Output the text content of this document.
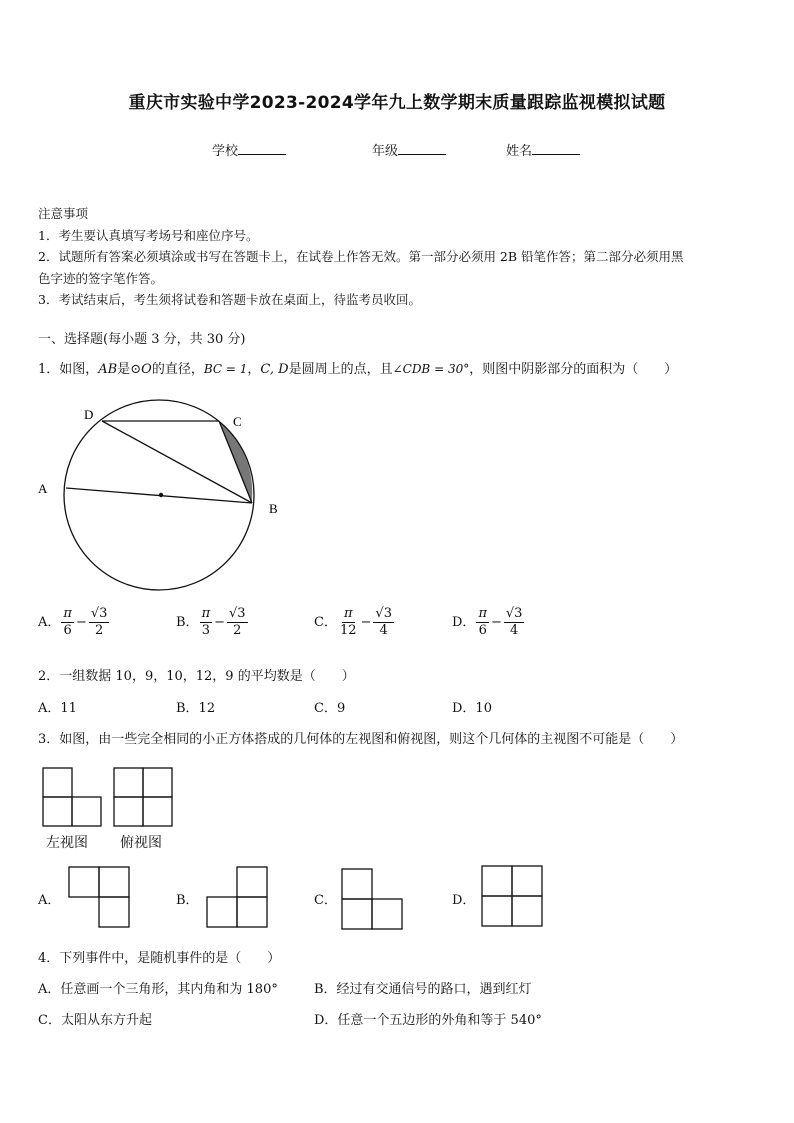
重庆市实验中学2023-2024学年九上数学期末质量跟踪监视模拟试题
学校	年级	姓名
注意事项
1．考生要认真填写考场号和座位序号。
2．试题所有答案必须填涂或书写在答题卡上，在试卷上作答无效。第一部分必须用 2B 铅笔作答；第二部分必须用黑
色字迹的签字笔作答。
3．考试结束后，考生须将试卷和答题卡放在桌面上，待监考员收回。
一、选择题(每小题 3 分，共 30 分)
1．如图，AB是⊙O的直径，BC = 1，C, D是圆周上的点，且∠CDB = 30°，则图中阴影部分的面积为（　　）
D	C
A
B
A． $\frac{\pi}{6} - \frac{√3}{2}$	B． $\frac{\pi}{3} - \frac{√3}{2}$	C． $\frac{\pi}{12} - \frac{√3}{4}$	D． $\frac{\pi}{6} - \frac{√3}{4}$
2．一组数据 10，9，10，12，9 的平均数是（　　）
A．11	B．12	C．9	D．10
3．如图，由一些完全相同的小正方体搭成的几何体的左视图和俯视图，则这个几何体的主视图不可能是（　　）
左视图 俯视图
A．	B．	C．	D．
4．下列事件中，是随机事件的是（　　）
A．任意画一个三角形，其内角和为 180°	B．经过有交通信号的路口，遇到红灯
C．太阳从东方升起	D．任意一个五边形的外角和等于 540°
